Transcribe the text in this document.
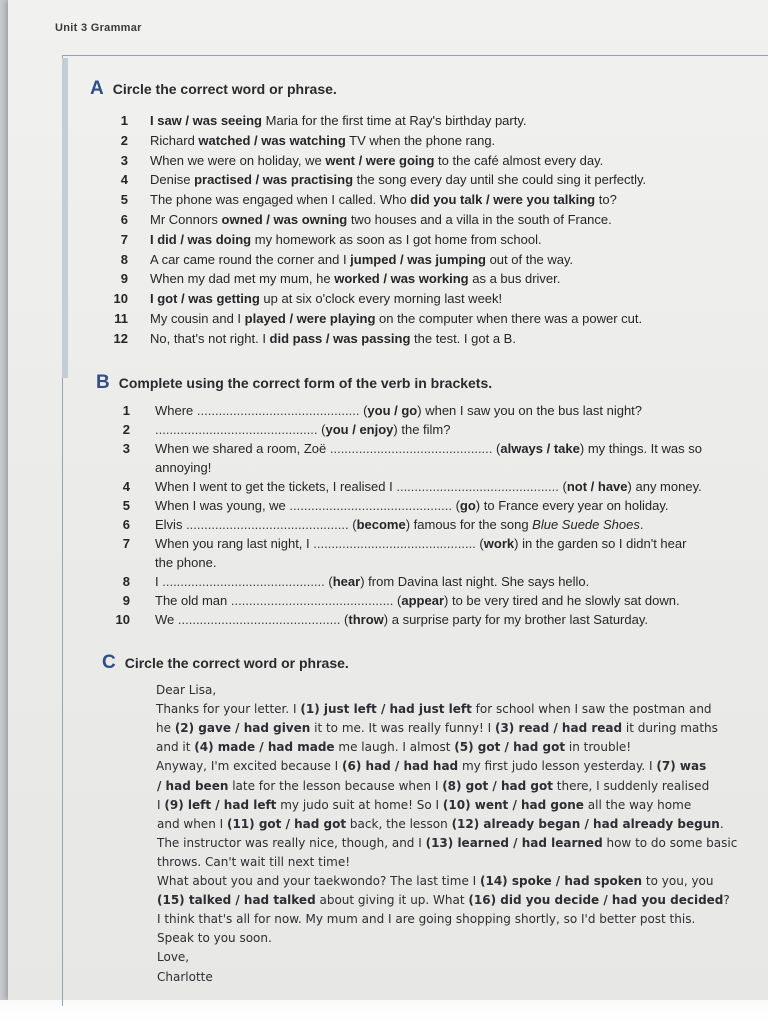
Unit 3 Grammar
A Circle the correct word or phrase.
1 I saw / was seeing Maria for the first time at Ray's birthday party.
2 Richard watched / was watching TV when the phone rang.
3 When we were on holiday, we went / were going to the café almost every day.
4 Denise practised / was practising the song every day until she could sing it perfectly.
5 The phone was engaged when I called. Who did you talk / were you talking to?
6 Mr Connors owned / was owning two houses and a villa in the south of France.
7 I did / was doing my homework as soon as I got home from school.
8 A car came round the corner and I jumped / was jumping out of the way.
9 When my dad met my mum, he worked / was working as a bus driver.
10 I got / was getting up at six o'clock every morning last week!
11 My cousin and I played / were playing on the computer when there was a power cut.
12 No, that's not right. I did pass / was passing the test. I got a B.
B Complete using the correct form of the verb in brackets.
1 Where ............................................. (you / go) when I saw you on the bus last night?
2 ............................................. (you / enjoy) the film?
3 When we shared a room, Zoë ............................................. (always / take) my things. It was so
annoying!
4 When I went to get the tickets, I realised I ............................................. (not / have) any money.
5 When I was young, we ............................................. (go) to France every year on holiday.
6 Elvis ............................................. (become) famous for the song Blue Suede Shoes.
7 When you rang last night, I ............................................. (work) in the garden so I didn't hear
the phone.
8 I ............................................. (hear) from Davina last night. She says hello.
9 The old man ............................................. (appear) to be very tired and he slowly sat down.
10 We ............................................. (throw) a surprise party for my brother last Saturday.
C Circle the correct word or phrase.
Dear Lisa,
Thanks for your letter. I (1) just left / had just left for school when I saw the postman and
he (2) gave / had given it to me. It was really funny! I (3) read / had read it during maths
and it (4) made / had made me laugh. I almost (5) got / had got in trouble!
Anyway, I'm excited because I (6) had / had had my first judo lesson yesterday. I (7) was
/ had been late for the lesson because when I (8) got / had got there, I suddenly realised
I (9) left / had left my judo suit at home! So I (10) went / had gone all the way home
and when I (11) got / had got back, the lesson (12) already began / had already begun.
The instructor was really nice, though, and I (13) learned / had learned how to do some basic
throws. Can't wait till next time!
What about you and your taekwondo? The last time I (14) spoke / had spoken to you, you
(15) talked / had talked about giving it up. What (16) did you decide / had you decided?
I think that's all for now. My mum and I are going shopping shortly, so I'd better post this.
Speak to you soon.
Love,
Charlotte
